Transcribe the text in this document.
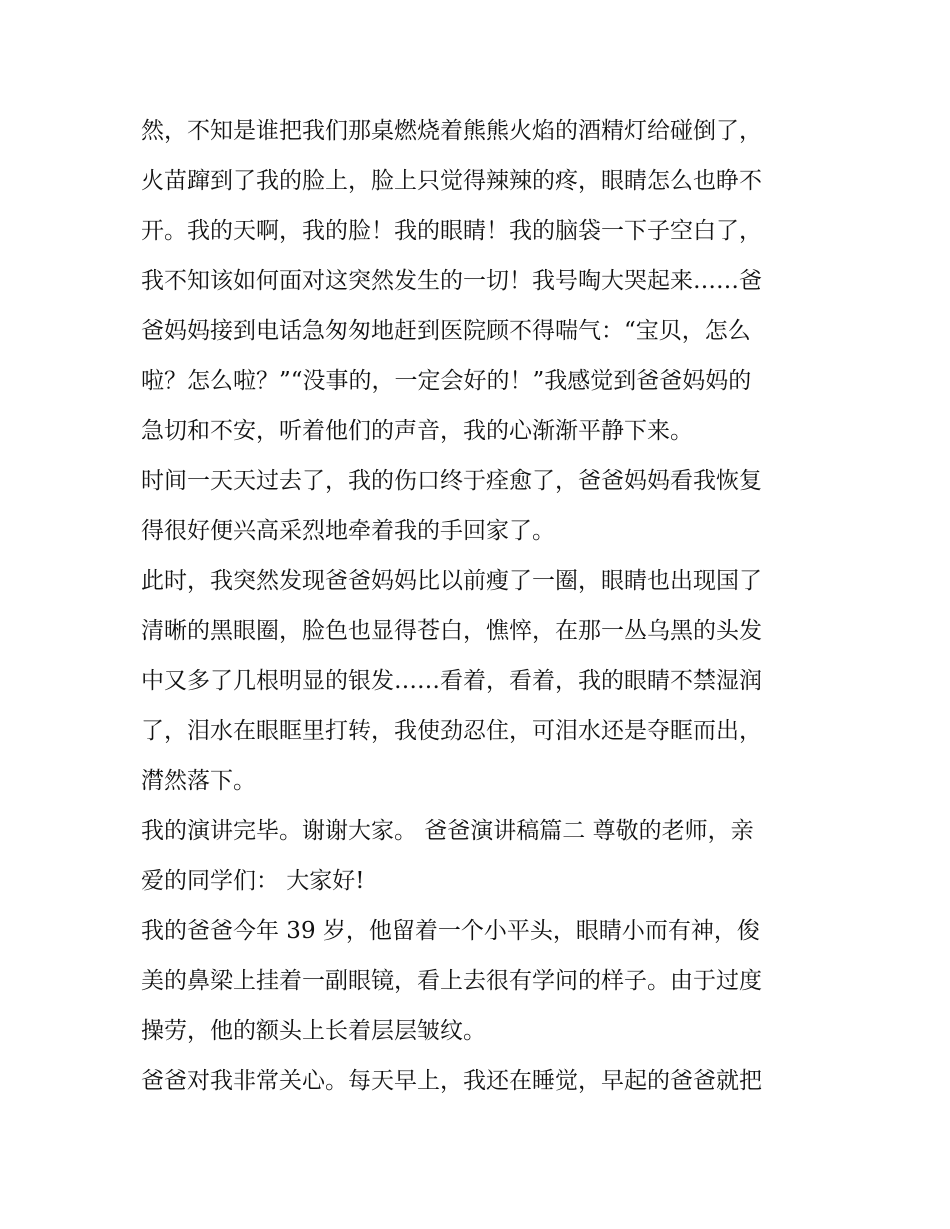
然，不知是谁把我们那桌燃烧着熊熊火焰的酒精灯给碰倒了，
火苗蹿到了我的脸上，脸上只觉得辣辣的疼，眼睛怎么也睁不
开。我的天啊，我的脸！我的眼睛！我的脑袋一下子空白了，
我不知该如何面对这突然发生的一切！我号啕大哭起来……爸
爸妈妈接到电话急匆匆地赶到医院顾不得喘气：“宝贝，怎么
啦？怎么啦？”“没事的，一定会好的！”我感觉到爸爸妈妈的
急切和不安，听着他们的声音，我的心渐渐平静下来。
时间一天天过去了，我的伤口终于痊愈了，爸爸妈妈看我恢复
得很好便兴高采烈地牵着我的手回家了。
此时，我突然发现爸爸妈妈比以前瘦了一圈，眼睛也出现国了
清晰的黑眼圈，脸色也显得苍白，憔悴，在那一丛乌黑的头发
中又多了几根明显的银发……看着，看着，我的眼睛不禁湿润
了，泪水在眼眶里打转，我使劲忍住，可泪水还是夺眶而出，
潸然落下。
我的演讲完毕。谢谢大家。 爸爸演讲稿篇二 尊敬的老师，亲
爱的同学们： 大家好!
我的爸爸今年 39 岁，他留着一个小平头，眼睛小而有神，俊
美的鼻梁上挂着一副眼镜，看上去很有学问的样子。由于过度
操劳，他的额头上长着层层皱纹。
爸爸对我非常关心。每天早上，我还在睡觉，早起的爸爸就把
